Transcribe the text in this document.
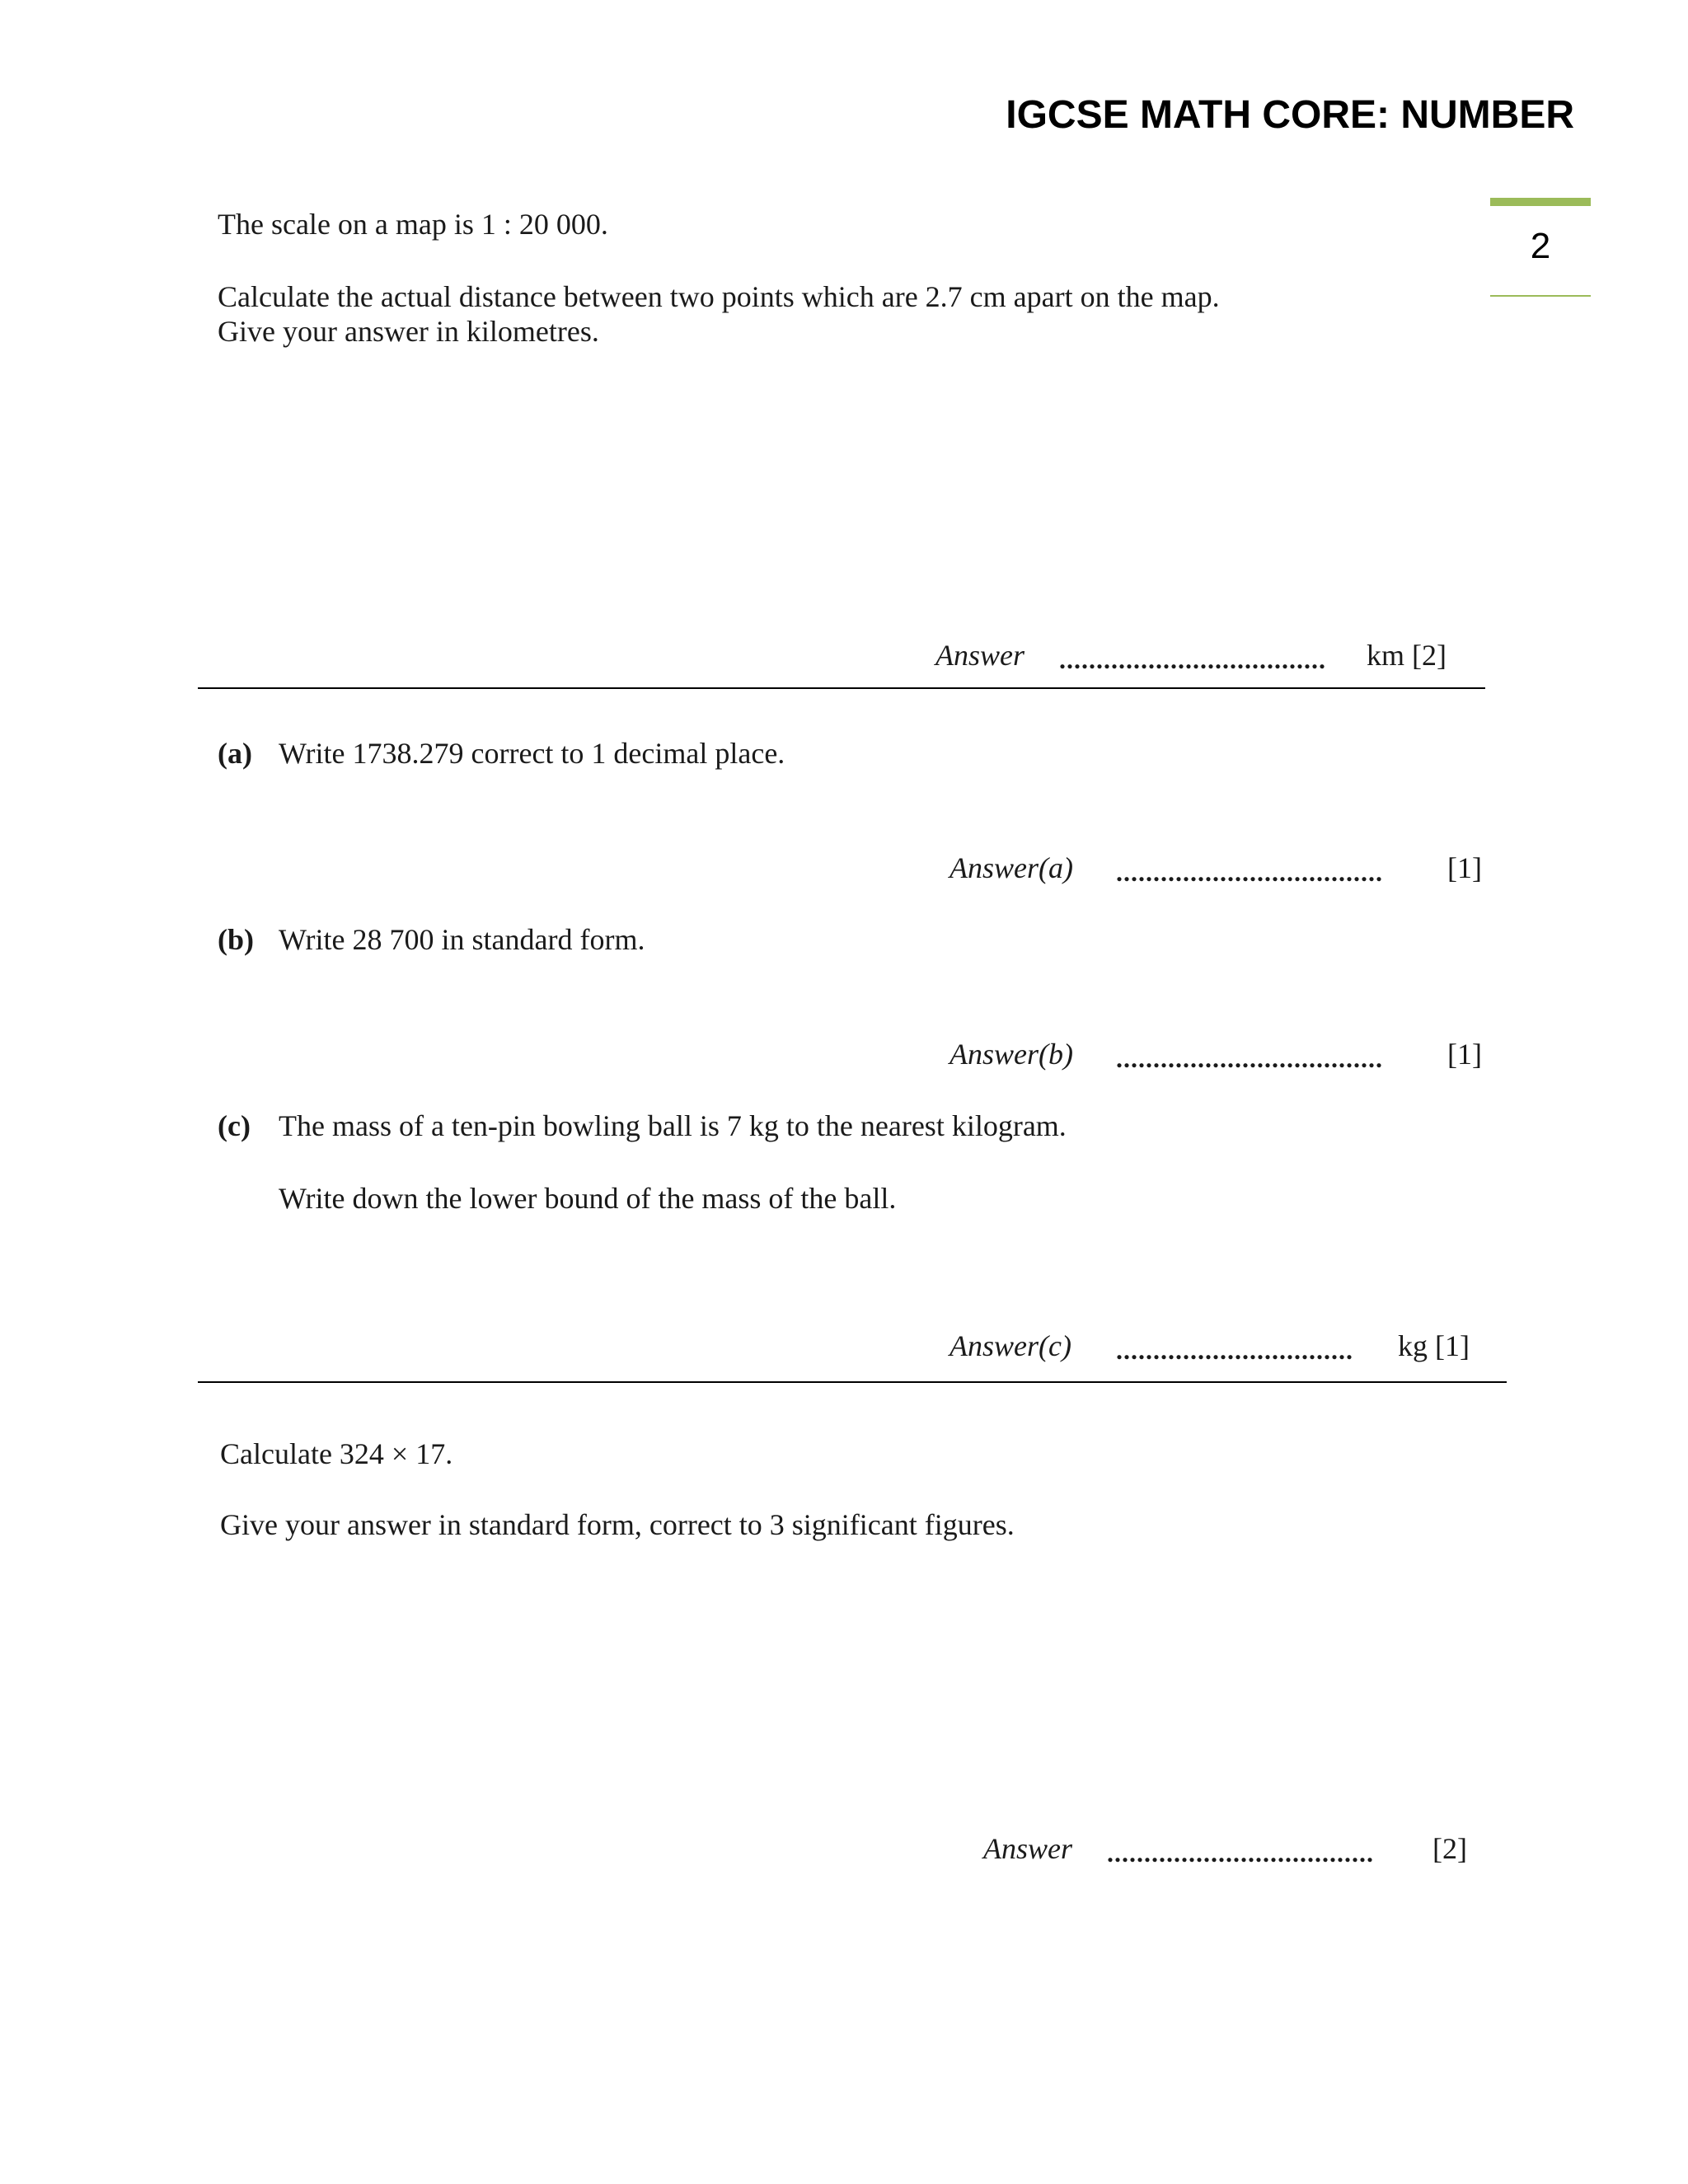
IGCSE MATH CORE: NUMBER
2
The scale on a map is 1 : 20 000.
Calculate the actual distance between two points which are 2.7 cm apart on the map.
Give your answer in kilometres.
Answer ....................................	km [2]
(a) Write 1738.279 correct to 1 decimal place.
Answer(a) ....................................	[1]
(b) Write 28 700 in standard form.
Answer(b) ....................................	[1]
(c) The mass of a ten-pin bowling ball is 7 kg to the nearest kilogram.
Write down the lower bound of the mass of the ball.
Answer(c) ................................	kg [1]
Calculate 324 × 17.
Give your answer in standard form, correct to 3 significant figures.
Answer ....................................	[2]
